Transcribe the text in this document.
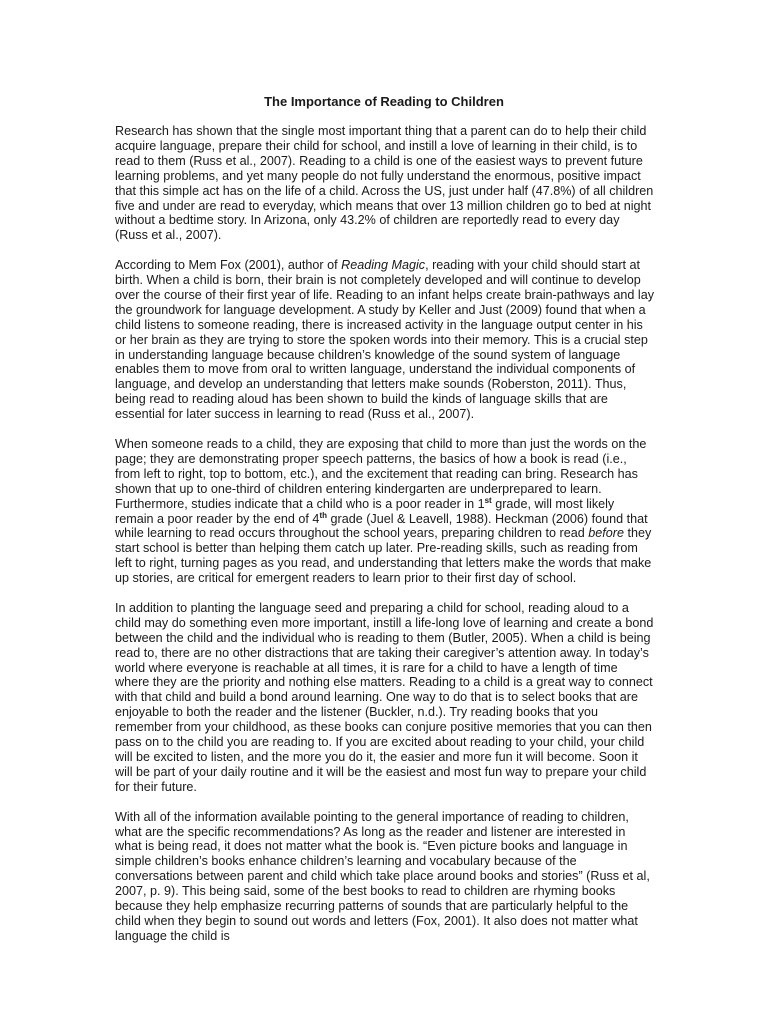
The Importance of Reading to Children

Research has shown that the single most important thing that a parent can do to help their child acquire language, prepare their child for school, and instill a love of learning in their child, is to read to them (Russ et al., 2007). Reading to a child is one of the easiest ways to prevent future learning problems, and yet many people do not fully understand the enormous, positive impact that this simple act has on the life of a child. Across the US, just under half (47.8%) of all children five and under are read to everyday, which means that over 13 million children go to bed at night without a bedtime story. In Arizona, only 43.2% of children are reportedly read to every day (Russ et al., 2007).

According to Mem Fox (2001), author of Reading Magic, reading with your child should start at birth. When a child is born, their brain is not completely developed and will continue to develop over the course of their first year of life. Reading to an infant helps create brain-pathways and lay the groundwork for language development. A study by Keller and Just (2009) found that when a child listens to someone reading, there is increased activity in the language output center in his or her brain as they are trying to store the spoken words into their memory. This is a crucial step in understanding language because children’s knowledge of the sound system of language enables them to move from oral to written language, understand the individual components of language, and develop an understanding that letters make sounds (Roberston, 2011). Thus, being read to reading aloud has been shown to build the kinds of language skills that are essential for later success in learning to read (Russ et al., 2007).

When someone reads to a child, they are exposing that child to more than just the words on the page; they are demonstrating proper speech patterns, the basics of how a book is read (i.e., from left to right, top to bottom, etc.), and the excitement that reading can bring. Research has shown that up to one-third of children entering kindergarten are underprepared to learn. Furthermore, studies indicate that a child who is a poor reader in 1st grade, will most likely remain a poor reader by the end of 4th grade (Juel & Leavell, 1988). Heckman (2006) found that while learning to read occurs throughout the school years, preparing children to read before they start school is better than helping them catch up later. Pre-reading skills, such as reading from left to right, turning pages as you read, and understanding that letters make the words that make up stories, are critical for emergent readers to learn prior to their first day of school.

In addition to planting the language seed and preparing a child for school, reading aloud to a child may do something even more important, instill a life-long love of learning and create a bond between the child and the individual who is reading to them (Butler, 2005). When a child is being read to, there are no other distractions that are taking their caregiver’s attention away. In today’s world where everyone is reachable at all times, it is rare for a child to have a length of time where they are the priority and nothing else matters. Reading to a child is a great way to connect with that child and build a bond around learning. One way to do that is to select books that are enjoyable to both the reader and the listener (Buckler, n.d.). Try reading books that you remember from your childhood, as these books can conjure positive memories that you can then pass on to the child you are reading to. If you are excited about reading to your child, your child will be excited to listen, and the more you do it, the easier and more fun it will become. Soon it will be part of your daily routine and it will be the easiest and most fun way to prepare your child for their future.

With all of the information available pointing to the general importance of reading to children, what are the specific recommendations? As long as the reader and listener are interested in what is being read, it does not matter what the book is. “Even picture books and language in simple children’s books enhance children’s learning and vocabulary because of the conversations between parent and child which take place around books and stories” (Russ et al, 2007, p. 9). This being said, some of the best books to read to children are rhyming books because they help emphasize recurring patterns of sounds that are particularly helpful to the child when they begin to sound out words and letters (Fox, 2001). It also does not matter what language the child is
